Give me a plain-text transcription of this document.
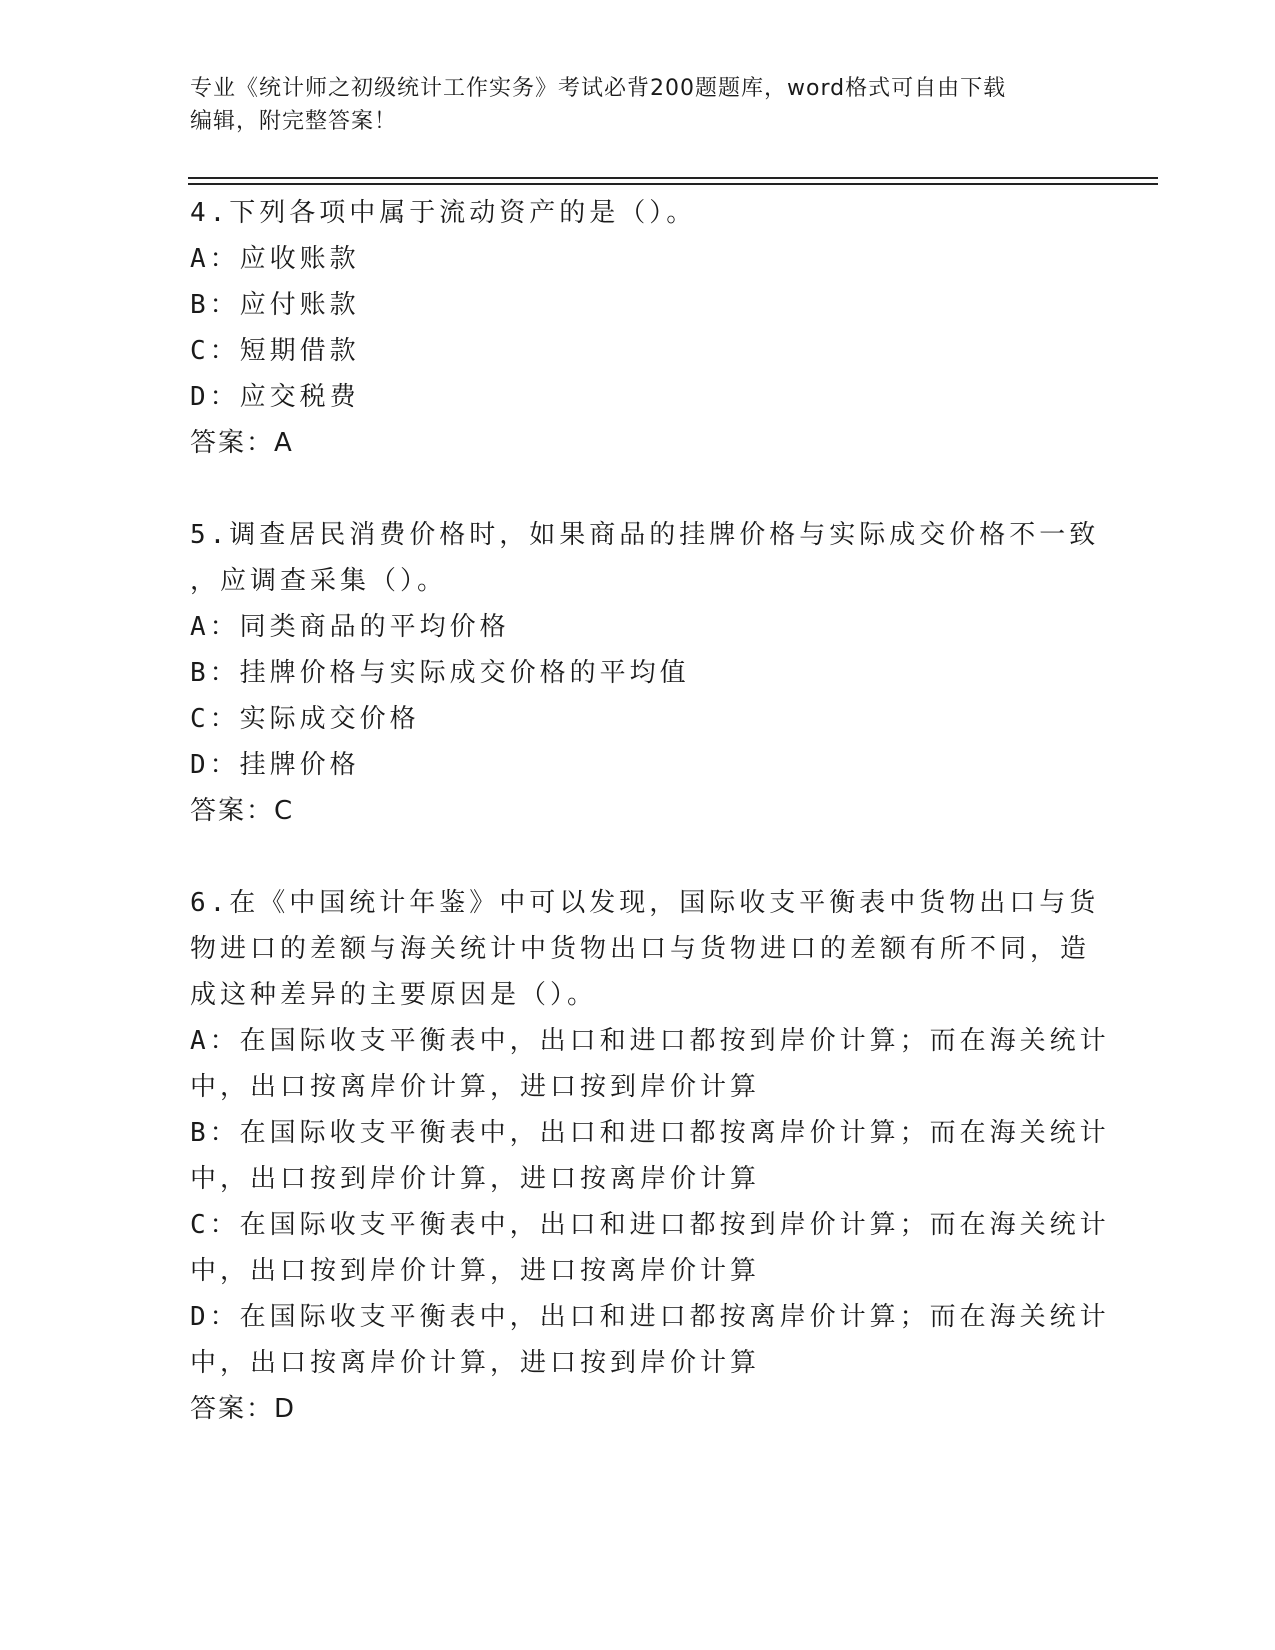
专业《统计师之初级统计工作实务》考试必背200题题库，word格式可自由下载
编辑，附完整答案！
4.下列各项中属于流动资产的是（）。
A：应收账款
B：应付账款
C：短期借款
D：应交税费
答案：A
5.调查居民消费价格时，如果商品的挂牌价格与实际成交价格不一致
，应调查采集（）。
A：同类商品的平均价格
B：挂牌价格与实际成交价格的平均值
C：实际成交价格
D：挂牌价格
答案：C
6.在《中国统计年鉴》中可以发现，国际收支平衡表中货物出口与货
物进口的差额与海关统计中货物出口与货物进口的差额有所不同，造
成这种差异的主要原因是（）。
A：在国际收支平衡表中，出口和进口都按到岸价计算；而在海关统计
中，出口按离岸价计算，进口按到岸价计算
B：在国际收支平衡表中，出口和进口都按离岸价计算；而在海关统计
中，出口按到岸价计算，进口按离岸价计算
C：在国际收支平衡表中，出口和进口都按到岸价计算；而在海关统计
中，出口按到岸价计算，进口按离岸价计算
D：在国际收支平衡表中，出口和进口都按离岸价计算；而在海关统计
中，出口按离岸价计算，进口按到岸价计算
答案：D
